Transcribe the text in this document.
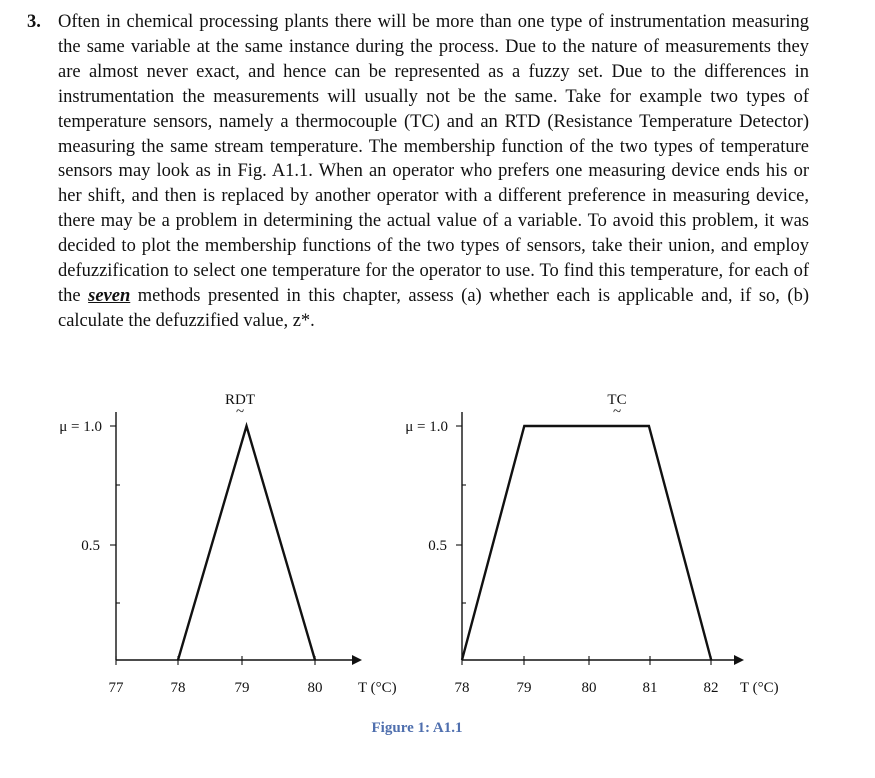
3. Often in chemical processing plants there will be more than one type of instrumentation measuring the same variable at the same instance during the process. Due to the nature of measurements they are almost never exact, and hence can be represented as a fuzzy set. Due to the differences in instrumentation the measurements will usually not be the same. Take for example two types of temperature sensors, namely a thermocouple (TC) and an RTD (Resistance Temperature Detector) measuring the same stream temperature. The membership function of the two types of temperature sensors may look as in Fig. A1.1. When an operator who prefers one measuring device ends his or her shift, and then is replaced by another operator with a different preference in measuring device, there may be a problem in determining the actual value of a variable. To avoid this problem, it was decided to plot the membership functions of the two types of sensors, take their union, and employ defuzzification to select one temperature for the operator to use. To find this temperature, for each of the seven methods presented in this chapter, assess (a) whether each is applicable and, if so, (b) calculate the defuzzified value, z*.
μ = 1.0
0.5
77	78	79	80 T (°C)
RDT
~
μ = 1.0
0.5
78	79	80	81	82 T (°C)
TC
~
Figure 1: A1.1
